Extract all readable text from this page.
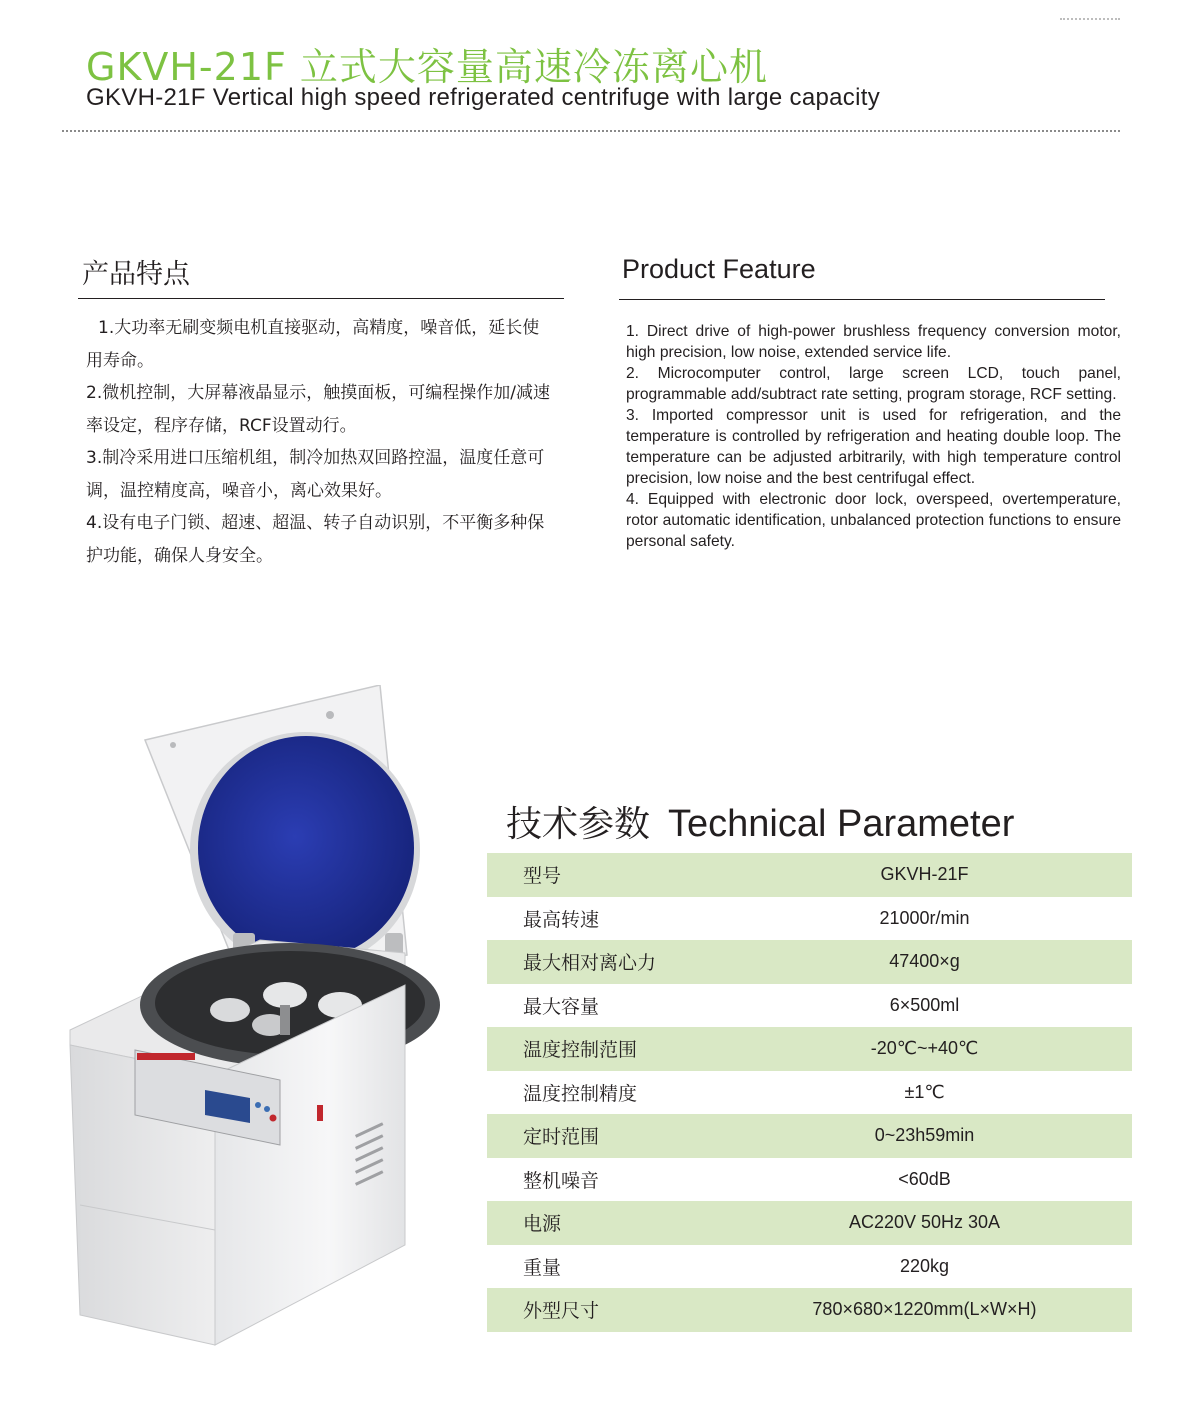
GKVH-21F 立式大容量高速冷冻离心机
GKVH-21F Vertical high speed refrigerated centrifuge with large capacity
产品特点

1.大功率无刷变频电机直接驱动，高精度，噪音低，延长使

用寿命。

2.微机控制，大屏幕液晶显示，触摸面板，可编程操作加/减速

率设定，程序存储，RCF设置动行。

3.制冷采用进口压缩机组，制冷加热双回路控温，温度任意可

调，温控精度高，噪音小，离心效果好。

4.设有电子门锁、超速、超温、转子自动识别，不平衡多种保

护功能，确保人身安全。

Product Feature

1. Direct drive of high-power brushless frequency conversion motor, high precision, low noise, extended service life.

2. Microcomputer control, large screen LCD, touch panel, programmable add/subtract rate setting, program storage, RCF setting.

3. Imported compressor unit is used for refrigeration, and the temperature is controlled by refrigeration and heating double loop. The temperature can be adjusted arbitrarily, with high temperature control precision, low noise and the best centrifugal effect.

4. Equipped with electronic door lock, overspeed, overtemperature, rotor automatic identification, unbalanced protection functions to ensure personal safety.

技术参数 Technical Parameter
型号	GKVH-21F
最高转速	21000r/min
最大相对离心力	47400×g
最大容量	6×500ml
温度控制范围	-20℃~+40℃
温度控制精度	±1℃
定时范围	0~23h59min
整机噪音	<60dB
电源	AC220V 50Hz 30A
重量	220kg
外型尺寸	780×680×1220mm(L×W×H)
